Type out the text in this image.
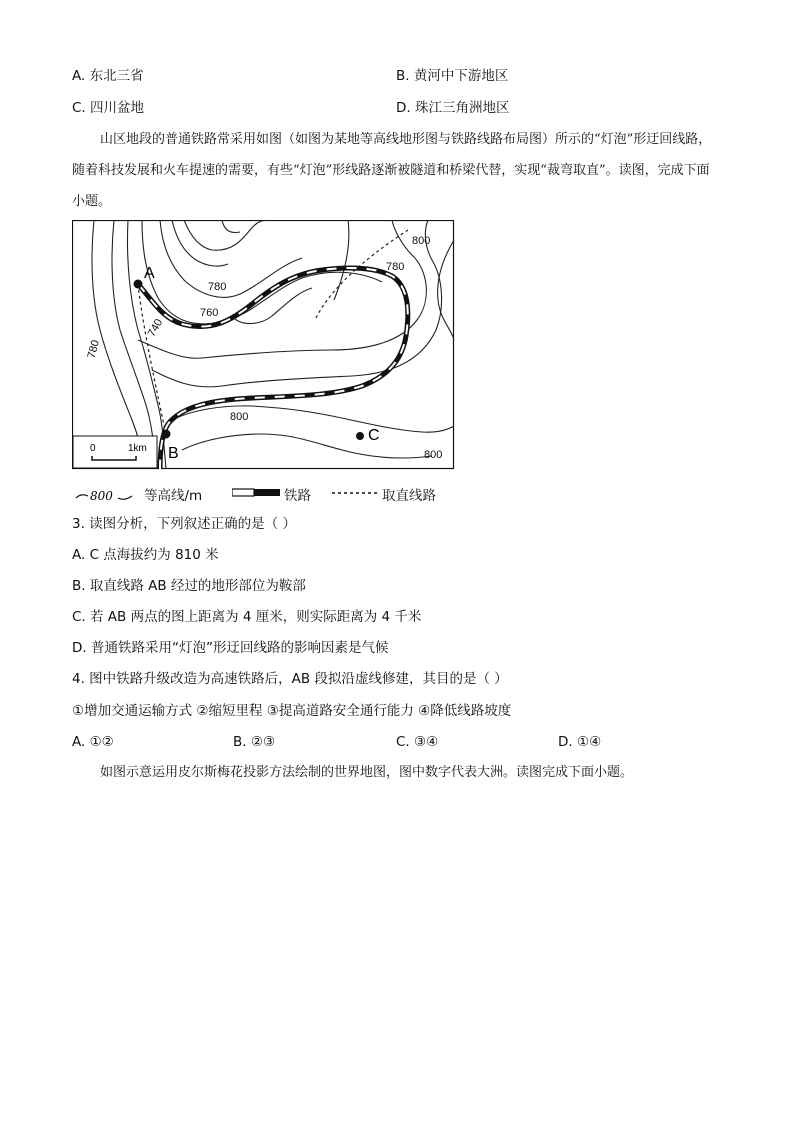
A. 东北三省	B. 黄河中下游地区
C. 四川盆地	D. 珠江三角洲地区
山区地段的普通铁路常采用如图（如图为某地等高线地形图与铁路线路布局图）所示的“灯泡”形迂回线路，随着科技发展和火车提速的需要，有些“灯泡”形线路逐渐被隧道和桥梁代替，实现“裁弯取直”。读图，完成下面小题。
A
B
C
800
780
780
760
740
780
800
800
0	1km
800 等高线/m	铁路	取直线路
3. 读图分析，下列叙述正确的是（ ）
A. C 点海拔约为 810 米
B. 取直线路 AB 经过的地形部位为鞍部
C. 若 AB 两点的图上距离为 4 厘米，则实际距离为 4 千米
D. 普通铁路采用“灯泡”形迂回线路的影响因素是气候
4. 图中铁路升级改造为高速铁路后，AB 段拟沿虚线修建，其目的是（ ）
①增加交通运输方式 ②缩短里程 ③提高道路安全通行能力 ④降低线路坡度
A. ①②	B. ②③	C. ③④	D. ①④
如图示意运用皮尔斯梅花投影方法绘制的世界地图，图中数字代表大洲。读图完成下面小题。
